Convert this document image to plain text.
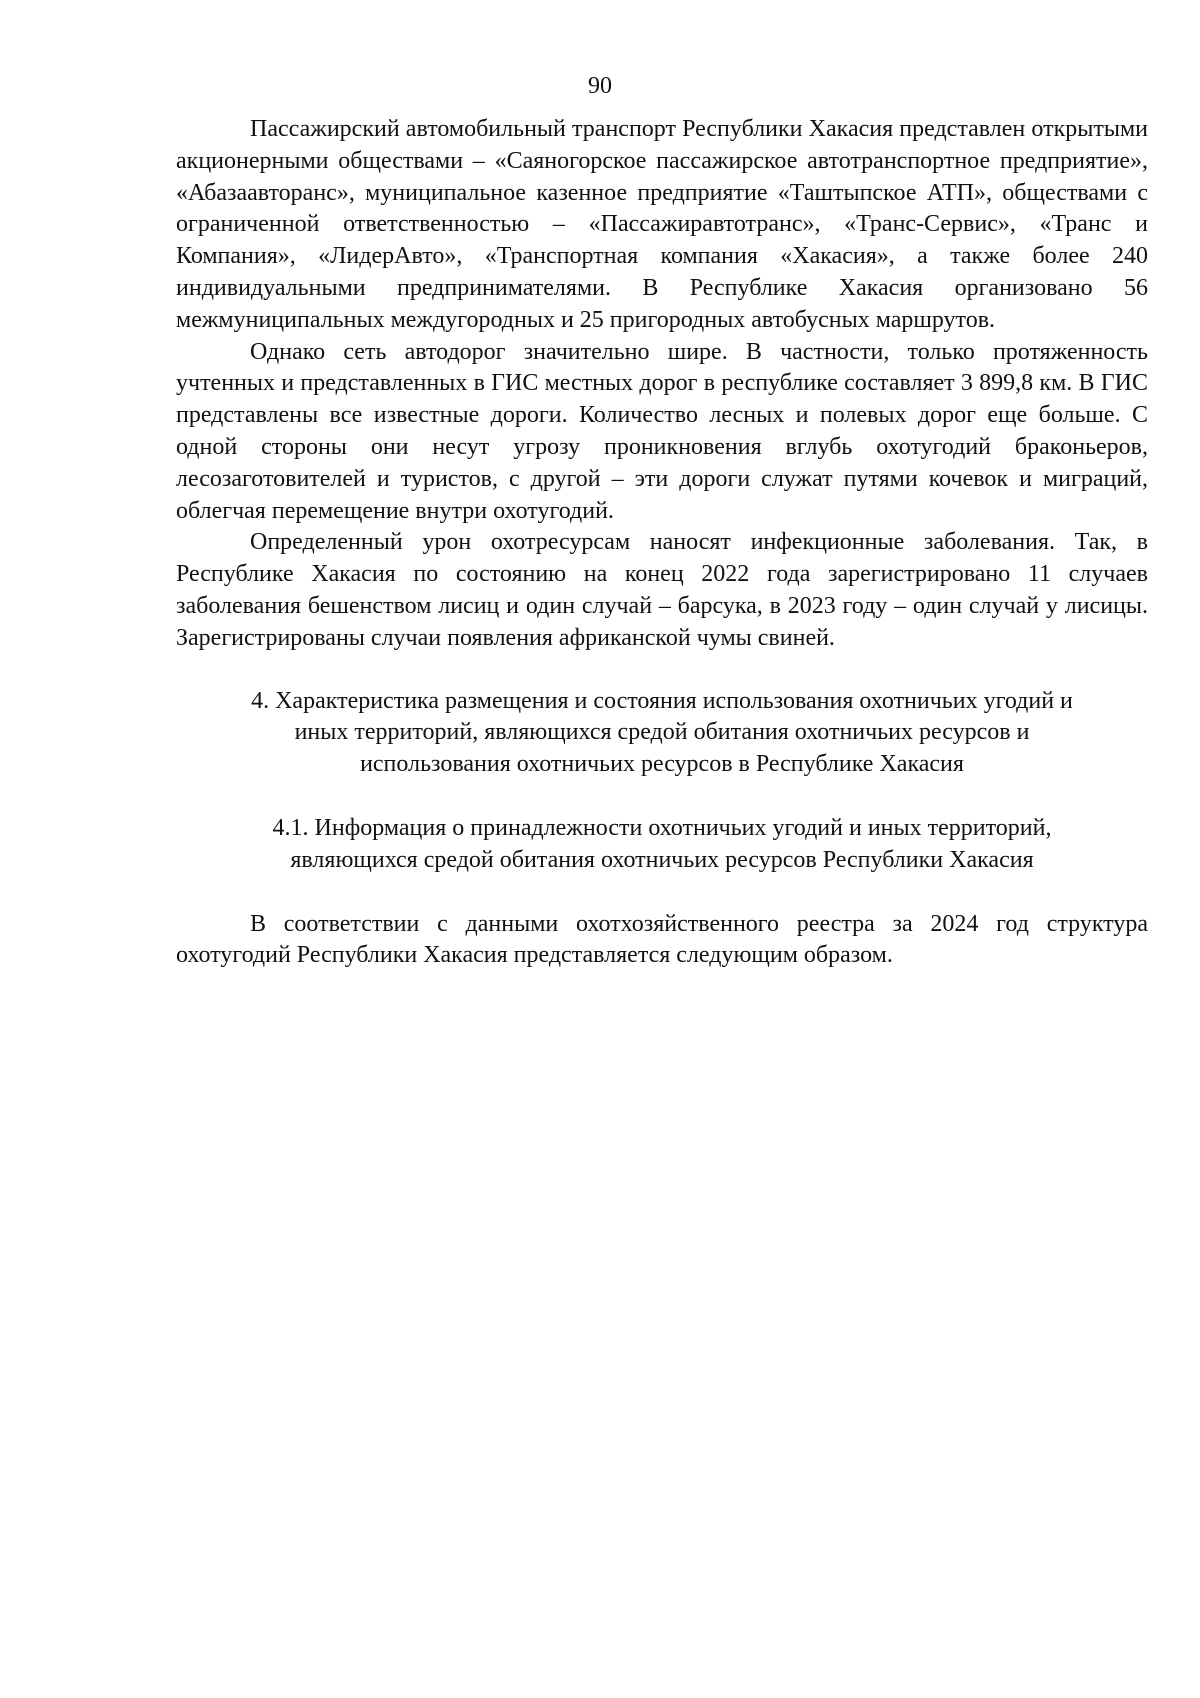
90

Пассажирский автомобильный транспорт Республики Хакасия представлен открытыми акционерными обществами – «Саяногорское пассажирское автотранспортное предприятие», «Абазаавторанс», муниципальное казенное предприятие «Таштыпское АТП», обществами с ограниченной ответственностью – «Пассажиравтотранс», «Транс-Сервис», «Транс и Компания», «ЛидерАвто», «Транспортная компания «Хакасия», а также более 240 индивидуальными предпринимателями. В Республике Хакасия организовано 56 межмуниципальных междугородных и 25 пригородных автобусных маршрутов.

Однако сеть автодорог значительно шире. В частности, только протяженность учтенных и представленных в ГИС местных дорог в республике составляет 3 899,8 км. В ГИС представлены все известные дороги. Количество лесных и полевых дорог еще больше. С одной стороны они несут угрозу проникновения вглубь охотугодий браконьеров, лесозаготовителей и туристов, с другой – эти дороги служат путями кочевок и миграций, облегчая перемещение внутри охотугодий.

Определенный урон охотресурсам наносят инфекционные заболевания. Так, в Республике Хакасия по состоянию на конец 2022 года зарегистрировано 11 случаев заболевания бешенством лисиц и один случай – барсука, в 2023 году – один случай у лисицы. Зарегистрированы случаи появления африканской чумы свиней.

4. Характеристика размещения и состояния использования охотничьих угодий и
иных территорий, являющихся средой обитания охотничьих ресурсов и
использования охотничьих ресурсов в Республике Хакасия

4.1. Информация о принадлежности охотничьих угодий и иных территорий,
являющихся средой обитания охотничьих ресурсов Республики Хакасия

В соответствии с данными охотхозяйственного реестра за 2024 год структура охотугодий Республики Хакасия представляется следующим образом.
